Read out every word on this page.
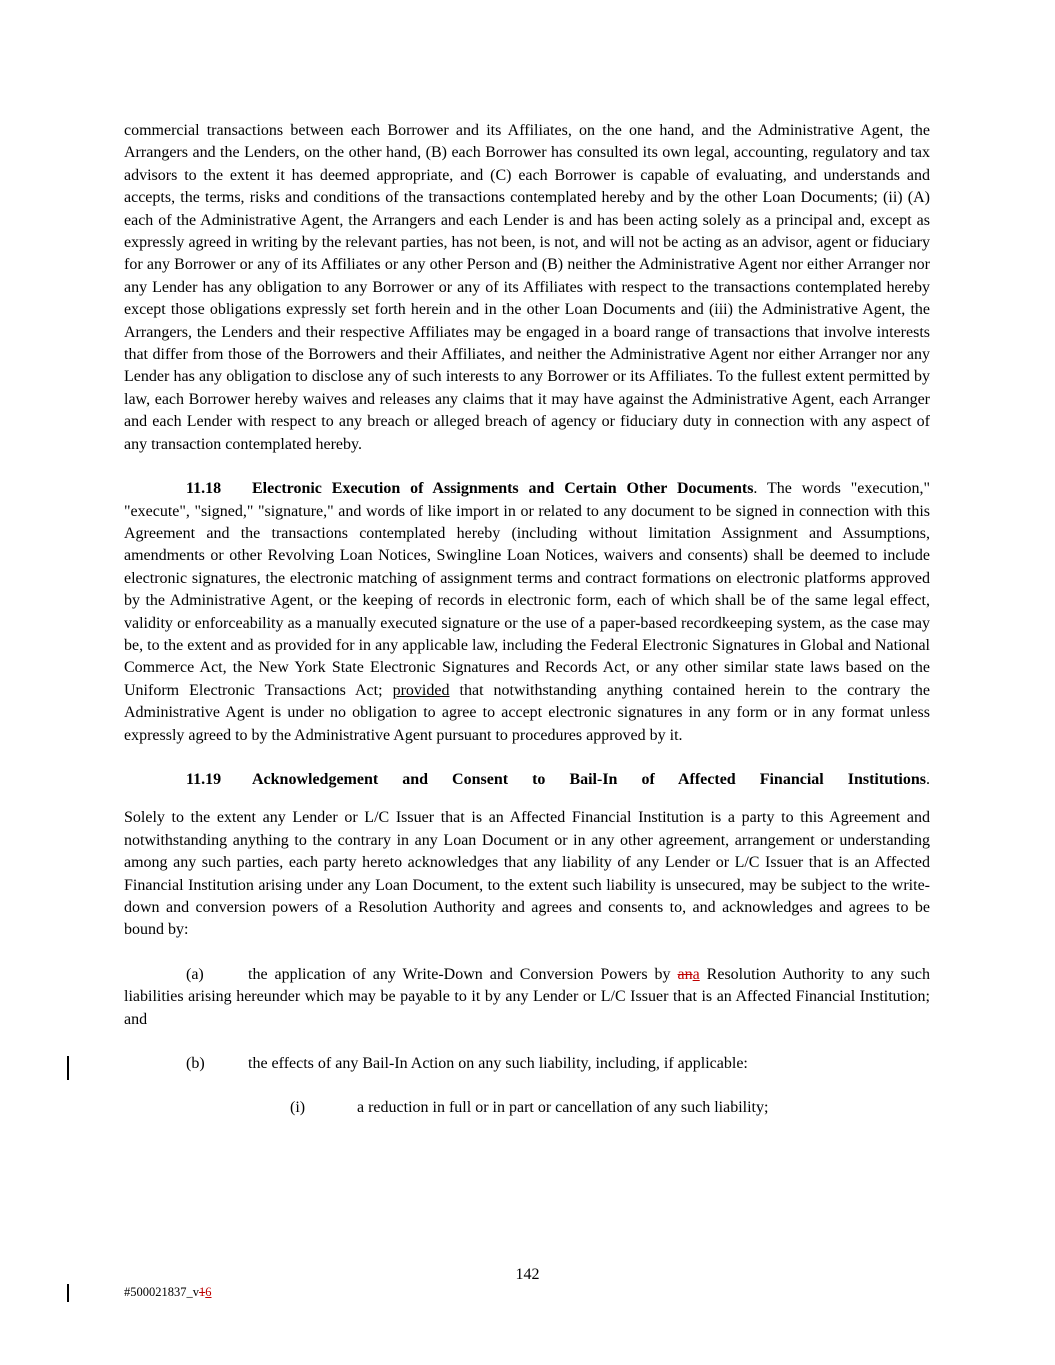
commercial transactions between each Borrower and its Affiliates, on the one hand, and the Administrative Agent, the Arrangers and the Lenders, on the other hand, (B) each Borrower has consulted its own legal, accounting, regulatory and tax advisors to the extent it has deemed appropriate, and (C) each Borrower is capable of evaluating, and understands and accepts, the terms, risks and conditions of the transactions contemplated hereby and by the other Loan Documents; (ii) (A) each of the Administrative Agent, the Arrangers and each Lender is and has been acting solely as a principal and, except as expressly agreed in writing by the relevant parties, has not been, is not, and will not be acting as an advisor, agent or fiduciary for any Borrower or any of its Affiliates or any other Person and (B) neither the Administrative Agent nor either Arranger nor any Lender has any obligation to any Borrower or any of its Affiliates with respect to the transactions contemplated hereby except those obligations expressly set forth herein and in the other Loan Documents and (iii) the Administrative Agent, the Arrangers, the Lenders and their respective Affiliates may be engaged in a board range of transactions that involve interests that differ from those of the Borrowers and their Affiliates, and neither the Administrative Agent nor either Arranger nor any Lender has any obligation to disclose any of such interests to any Borrower or its Affiliates. To the fullest extent permitted by law, each Borrower hereby waives and releases any claims that it may have against the Administrative Agent, each Arranger and each Lender with respect to any breach or alleged breach of agency or fiduciary duty in connection with any aspect of any transaction contemplated hereby.

11.18 Electronic Execution of Assignments and Certain Other Documents. The words "execution," "execute", "signed," "signature," and words of like import in or related to any document to be signed in connection with this Agreement and the transactions contemplated hereby (including without limitation Assignment and Assumptions, amendments or other Revolving Loan Notices, Swingline Loan Notices, waivers and consents) shall be deemed to include electronic signatures, the electronic matching of assignment terms and contract formations on electronic platforms approved by the Administrative Agent, or the keeping of records in electronic form, each of which shall be of the same legal effect, validity or enforceability as a manually executed signature or the use of a paper-based recordkeeping system, as the case may be, to the extent and as provided for in any applicable law, including the Federal Electronic Signatures in Global and National Commerce Act, the New York State Electronic Signatures and Records Act, or any other similar state laws based on the Uniform Electronic Transactions Act; provided that notwithstanding anything contained herein to the contrary the Administrative Agent is under no obligation to agree to accept electronic signatures in any form or in any format unless expressly agreed to by the Administrative Agent pursuant to procedures approved by it.

11.19 Acknowledgement and Consent to Bail-In of Affected Financial Institutions.

Solely to the extent any Lender or L/C Issuer that is an Affected Financial Institution is a party to this Agreement and notwithstanding anything to the contrary in any Loan Document or in any other agreement, arrangement or understanding among any such parties, each party hereto acknowledges that any liability of any Lender or L/C Issuer that is an Affected Financial Institution arising under any Loan Document, to the extent such liability is unsecured, may be subject to the write-down and conversion powers of a Resolution Authority and agrees and consents to, and acknowledges and agrees to be bound by:

(a)	the application of any Write-Down and Conversion Powers by ana Resolution Authority to any such liabilities arising hereunder which may be payable to it by any Lender or L/C Issuer that is an Affected Financial Institution; and

(b)	the effects of any Bail-In Action on any such liability, including, if applicable:

(i)	a reduction in full or in part or cancellation of any such liability;

142
#500021837_v16
